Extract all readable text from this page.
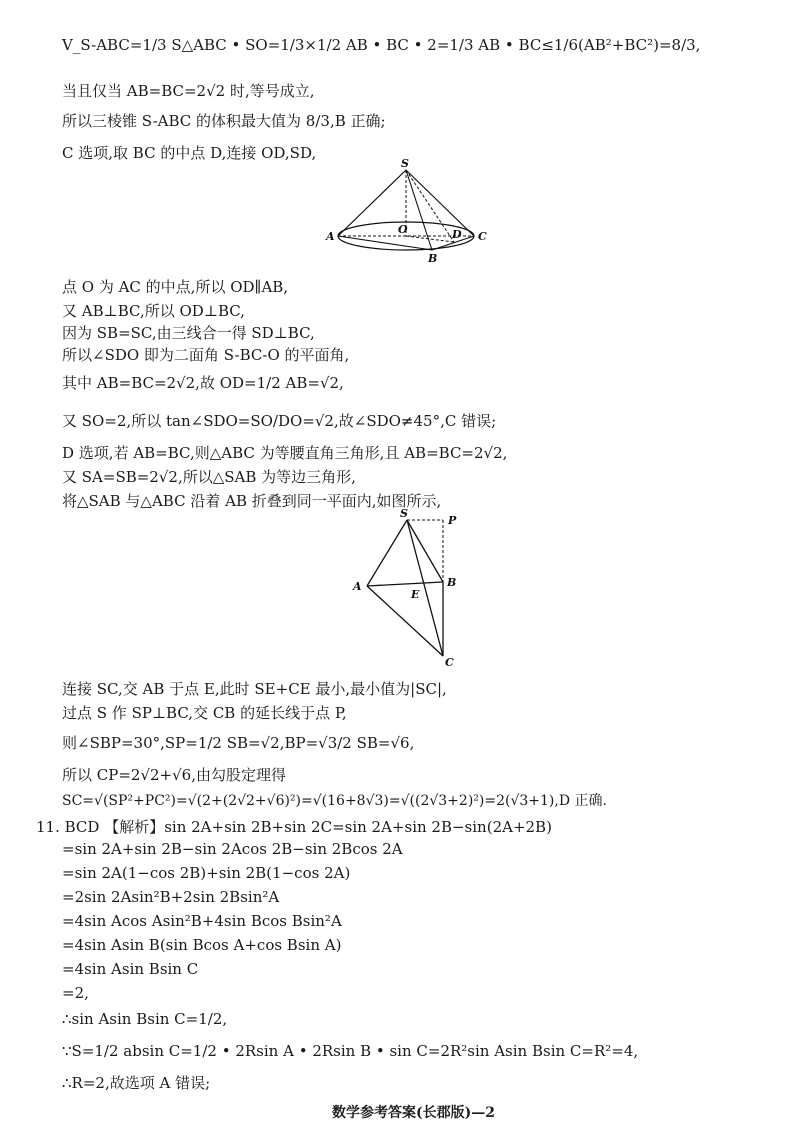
V_S-ABC=1/3 S△ABC • SO=1/3×1/2 AB • BC • 2=1/3 AB • BC≤1/6(AB²+BC²)=8/3,
当且仅当 AB=BC=2√2 时,等号成立,
所以三棱锥 S-ABC 的体积最大值为 8/3,B 正确;
C 选项,取 BC 的中点 D,连接 OD,SD,
S
A
O	D C
B
点 O 为 AC 的中点,所以 OD∥AB,
又 AB⊥BC,所以 OD⊥BC,
因为 SB=SC,由三线合一得 SD⊥BC,
所以∠SDO 即为二面角 S-BC-O 的平面角,
其中 AB=BC=2√2,故 OD=1/2 AB=√2,
又 SO=2,所以 tan∠SDO=SO/DO=√2,故∠SDO≠45°,C 错误;
D 选项,若 AB=BC,则△ABC 为等腰直角三角形,且 AB=BC=2√2,
又 SA=SB=2√2,所以△SAB 为等边三角形,
将△SAB 与△ABC 沿着 AB 折叠到同一平面内,如图所示,
S
P
A	B
E
C
连接 SC,交 AB 于点 E,此时 SE+CE 最小,最小值为|SC|,
过点 S 作 SP⊥BC,交 CB 的延长线于点 P,
则∠SBP=30°,SP=1/2 SB=√2,BP=√3/2 SB=√6,
所以 CP=2√2+√6,由勾股定理得
SC=√(SP²+PC²)=√(2+(2√2+√6)²)=√(16+8√3)=√((2√3+2)²)=2(√3+1),D 正确.
11. BCD 【解析】sin 2A+sin 2B+sin 2C=sin 2A+sin 2B−sin(2A+2B)
=sin 2A+sin 2B−sin 2Acos 2B−sin 2Bcos 2A
=sin 2A(1−cos 2B)+sin 2B(1−cos 2A)
=2sin 2Asin²B+2sin 2Bsin²A
=4sin Acos Asin²B+4sin Bcos Bsin²A
=4sin Asin B(sin Bcos A+cos Bsin A)
=4sin Asin Bsin C
=2,
∴sin Asin Bsin C=1/2,
∵S=1/2 absin C=1/2 • 2Rsin A • 2Rsin B • sin C=2R²sin Asin Bsin C=R²=4,
∴R=2,故选项 A 错误;
数学参考答案(长郡版)—2
